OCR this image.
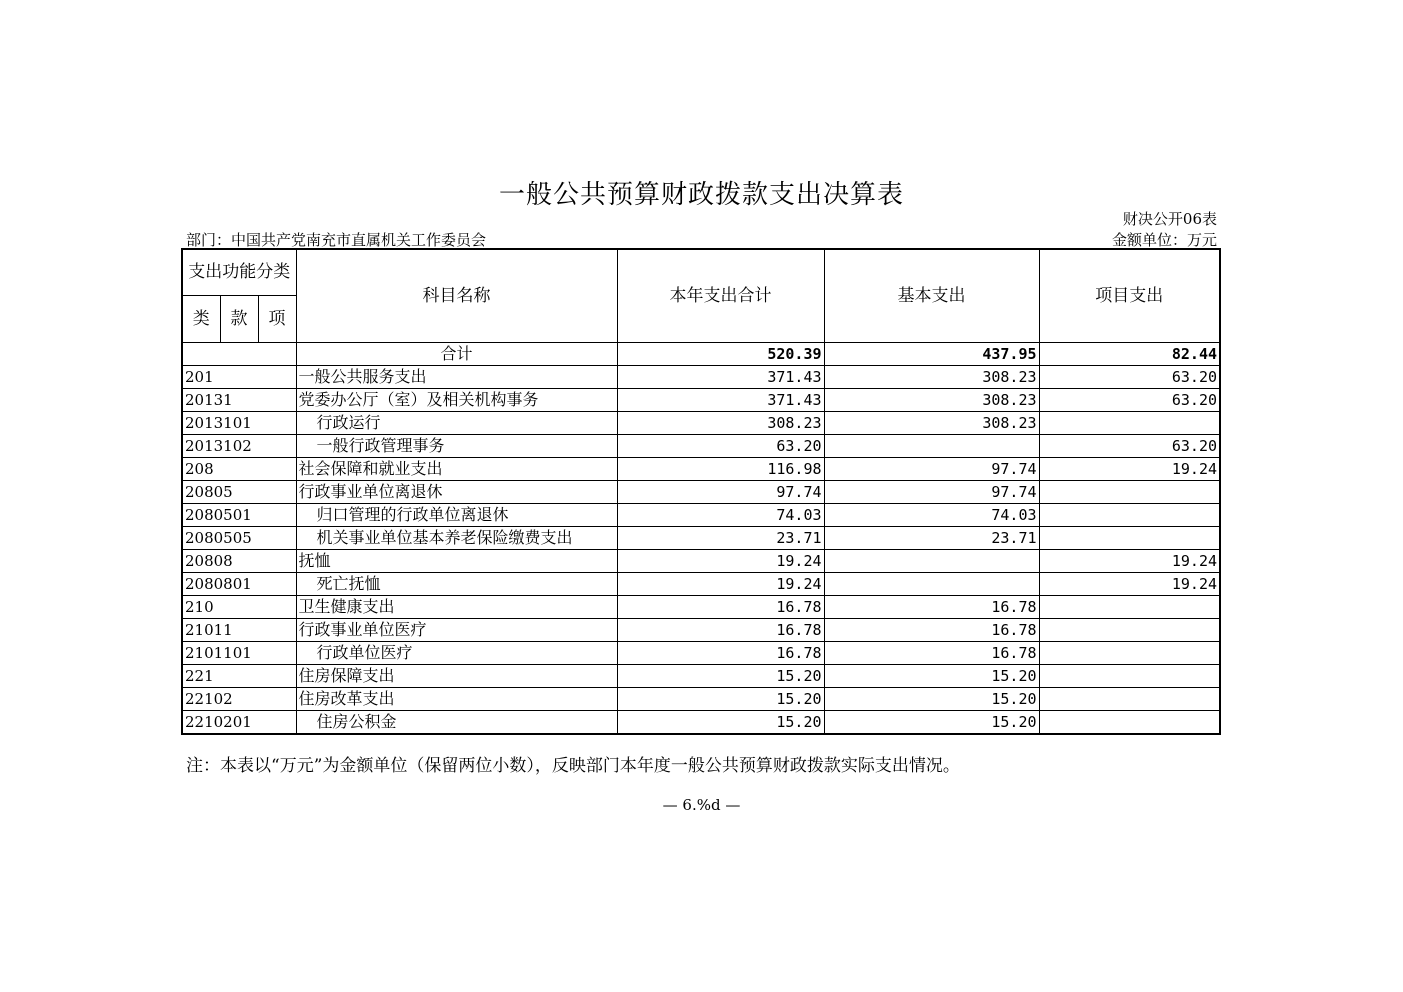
一般公共预算财政拨款支出决算表
财决公开06表
部门：中国共产党南充市直属机关工作委员会	金额单位：万元
支出功能分类			科目名称	本年支出合计	基本支出	项目支出
类	款	项				
			合计	520.39	437.95	82.44
201			一般公共服务支出	371.43	308.23	63.20
20131			党委办公厅（室）及相关机构事务	371.43	308.23	63.20
2013101			行政运行	308.23	308.23	
2013102			一般行政管理事务	63.20		63.20
208			社会保障和就业支出	116.98	97.74	19.24
20805			行政事业单位离退休	97.74	97.74	
2080501			归口管理的行政单位离退休	74.03	74.03	
2080505			机关事业单位基本养老保险缴费支出	23.71	23.71	
20808			抚恤	19.24		19.24
2080801			死亡抚恤	19.24		19.24
210			卫生健康支出	16.78	16.78	
21011			行政事业单位医疗	16.78	16.78	
2101101			行政单位医疗	16.78	16.78	
221			住房保障支出	15.20	15.20	
22102			住房改革支出	15.20	15.20	
2210201			住房公积金	15.20	15.20	
注：本表以“万元”为金额单位（保留两位小数），反映部门本年度一般公共预算财政拨款实际支出情况。
— 6.%d —
